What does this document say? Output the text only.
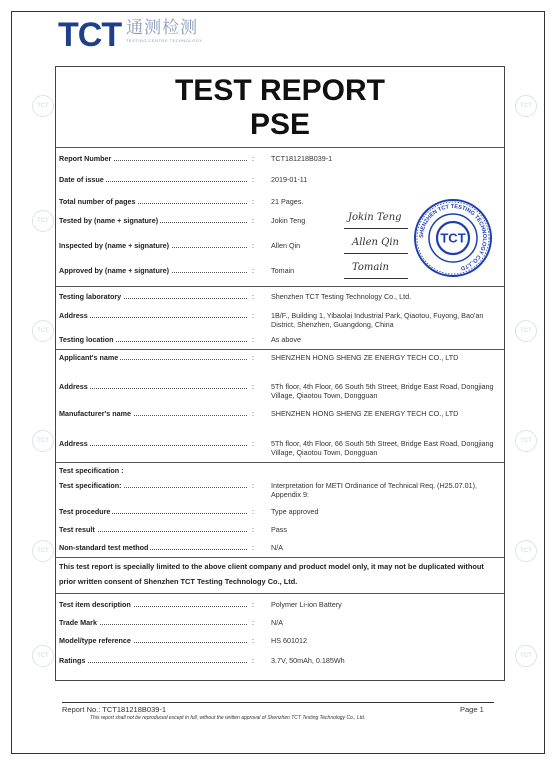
TCT
TCT
TCT
TCT
TCT
TCT
TCT
TCT
TCT
TCT
TCT
TCT 通测检测
TESTING CENTRE TECHNOLOGY
TEST REPORT
PSE
Report Number	: TCT181218B039-1
Date of issue	: 2019-01-11
Total number of pages	: 21 Pages.
Tested by (name + signature)	: Jokin Teng
Inspected by (name + signature)	: Allen Qin
Approved by (name + signature)	: Tomain
Jokin Teng
Allen Qin
Tomain
Testing laboratory	: Shenzhen TCT Testing Technology Co., Ltd.
Address	: 1B/F., Building 1, Yibaolai Industrial Park, Qiaotou, Fuyong, Bao'an District, Shenzhen, Guangdong, China
Testing location	: As above
Applicant's name	: SHENZHEN HONG SHENG ZE ENERGY TECH CO., LTD
Address	: 5Th floor, 4th Floor, 66 South 5th Street, Bridge East Road, Dongjiang Village, Qiaotou Town, Dongguan
Manufacturer's name	: SHENZHEN HONG SHENG ZE ENERGY TECH CO., LTD
Address	: 5Th floor, 4th Floor, 66 South 5th Street, Bridge East Road, Dongjiang Village, Qiaotou Town, Dongguan
Test specification :
Test specification:	: Interpretation for METI Ordinance of Technical Req. (H25.07.01), Appendix 9:
Test procedure	: Type approved
Test result	: Pass
Non-standard test method	: N/A
This test report is specially limited to the above client company and product model only, it may not be duplicated without prior written consent of Shenzhen TCT Testing Technology Co., Ltd.
Test item description	: Polymer Li-ion Battery
Trade Mark	: N/A
Model/type reference	: HS 601012
Ratings	: 3.7V, 50mAh, 0.185Wh
SHENZHEN TCT TESTING TECHNOLOGY CO.,LTD
TCT
Report No.: TCT181218B039-1	Page 1
This report shall not be reproduced except in full, without the written approval of Shenzhen TCT Testing Technology Co., Ltd.
